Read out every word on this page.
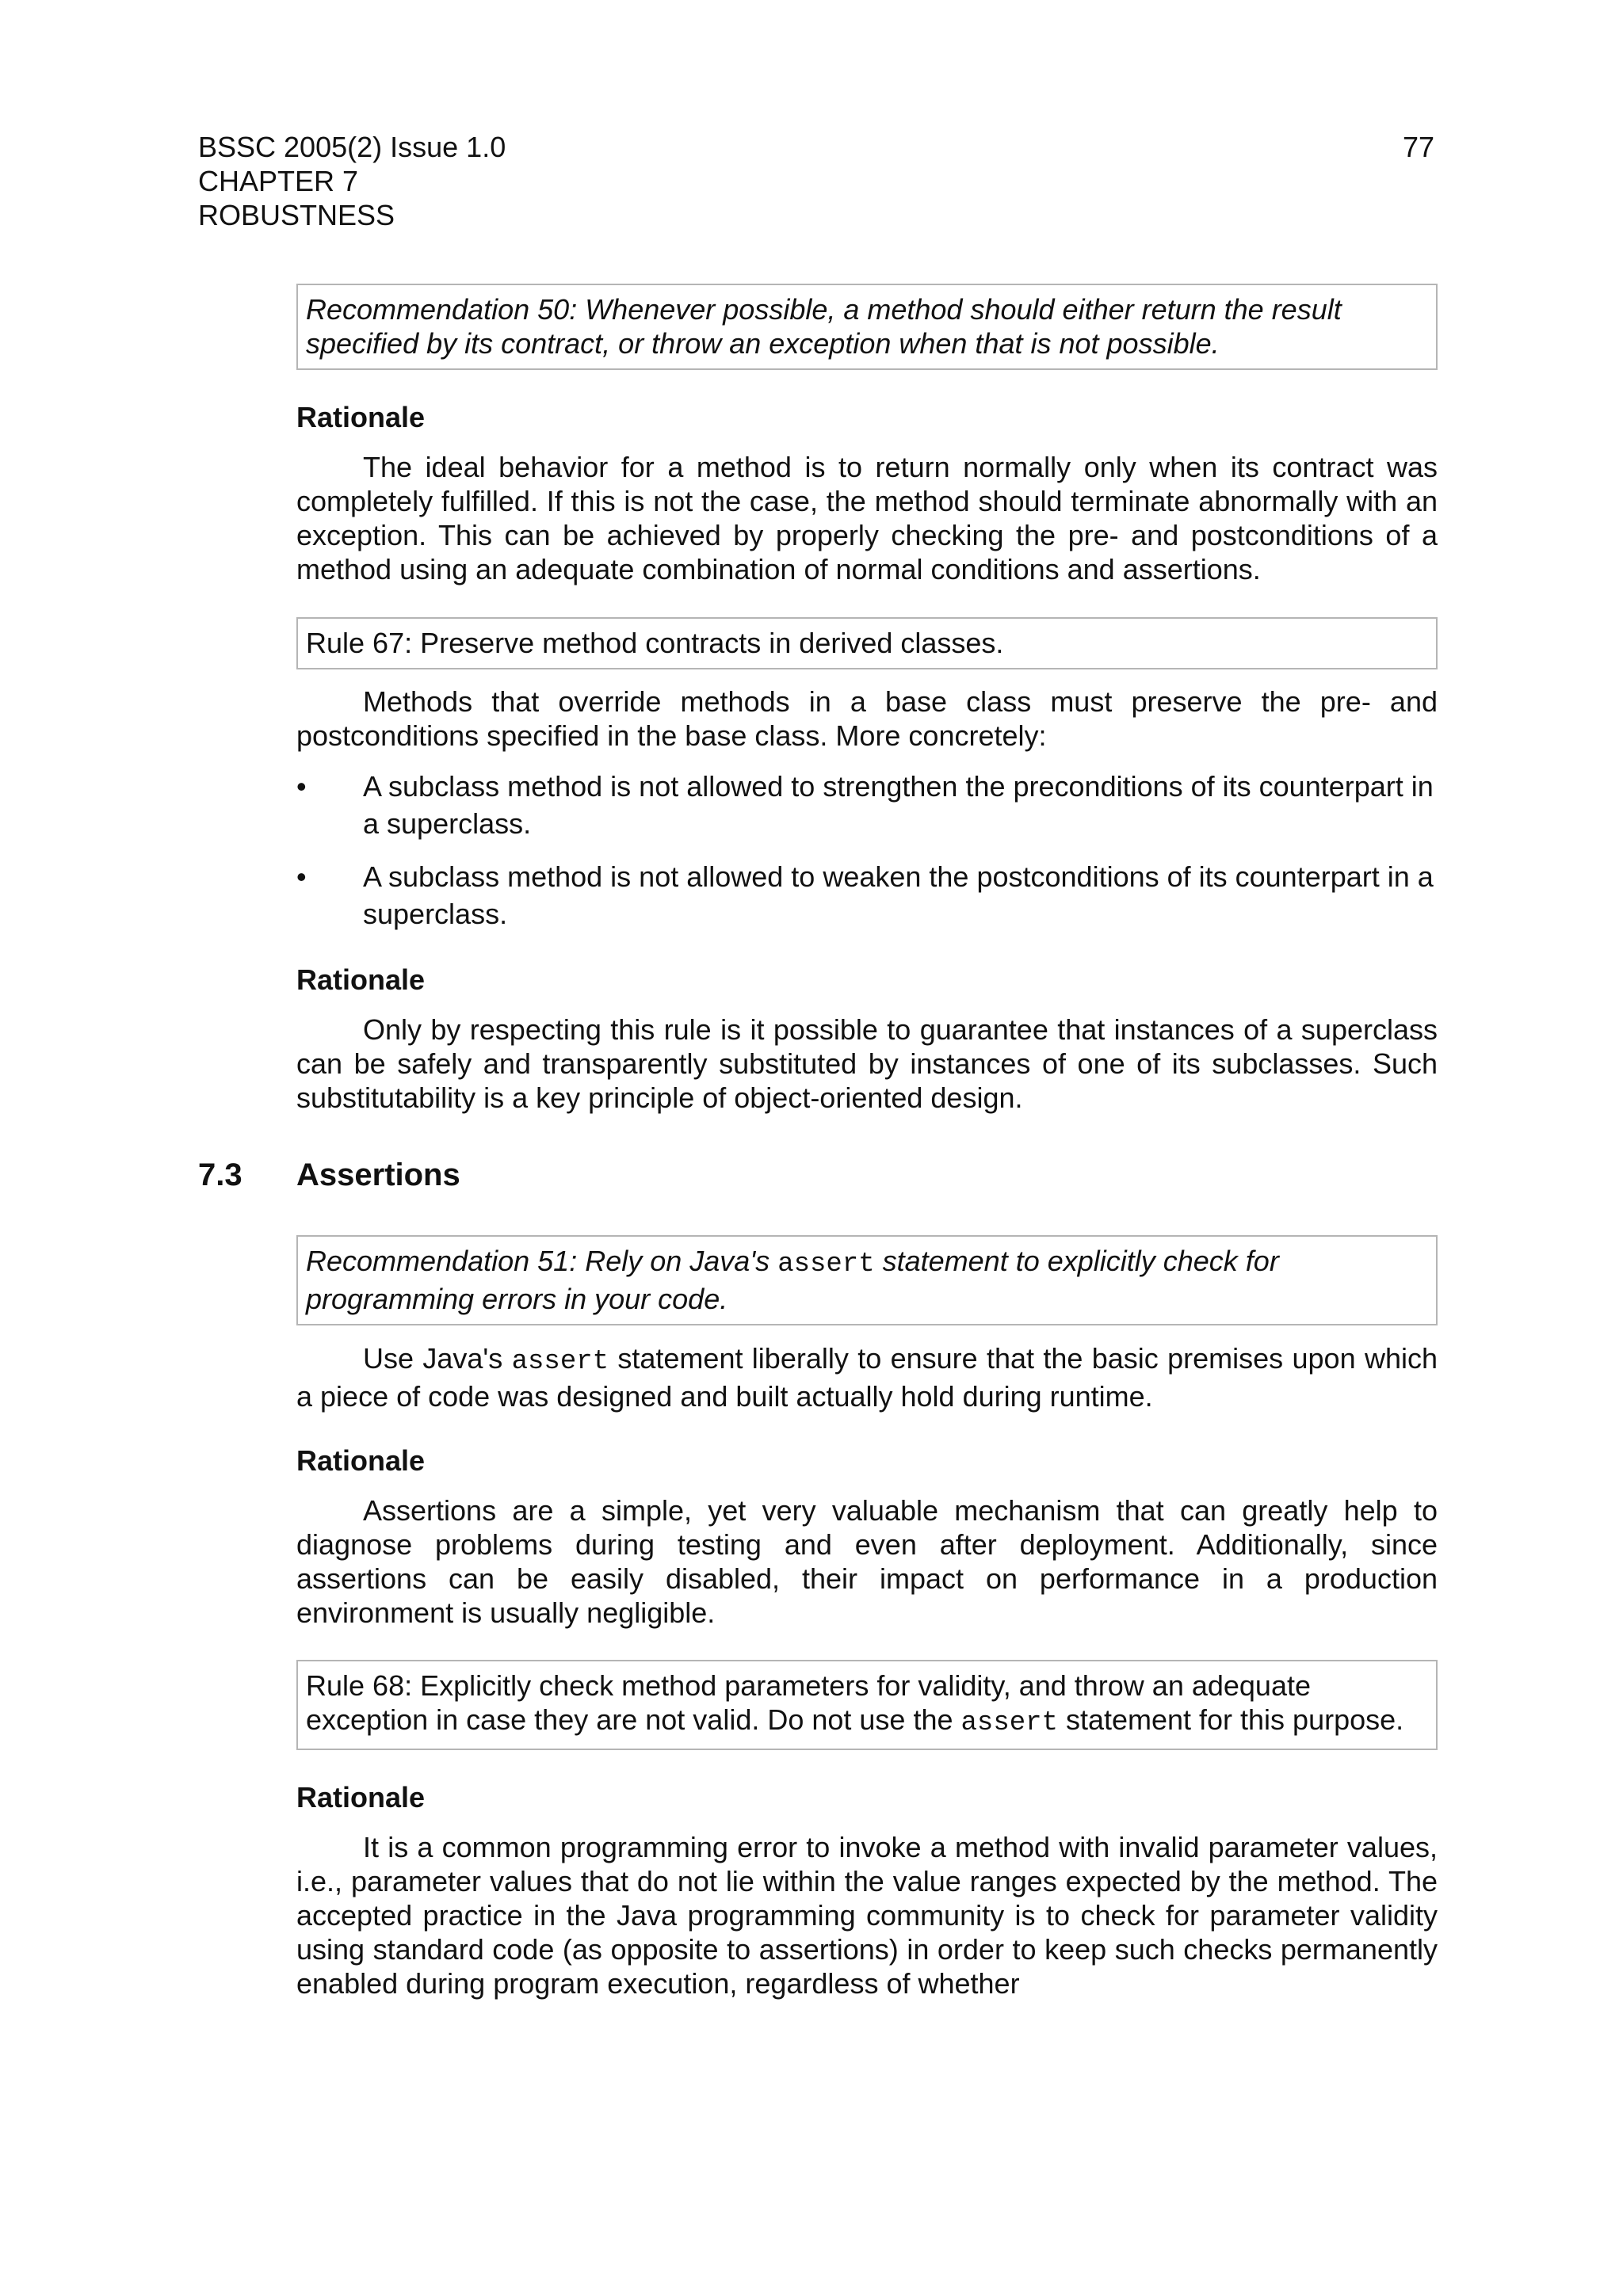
BSSC 2005(2) Issue 1.0
CHAPTER 7
ROBUSTNESS
77
Recommendation 50: Whenever possible, a method should either return the result specified by its contract, or throw an exception when that is not possible.

Rationale

The ideal behavior for a method is to return normally only when its contract was completely fulfilled. If this is not the case, the method should terminate abnormally with an exception. This can be achieved by properly checking the pre- and postconditions of a method using an adequate combination of normal conditions and assertions.

Rule 67: Preserve method contracts in derived classes.

Methods that override methods in a base class must preserve the pre- and postconditions specified in the base class. More concretely:

• A subclass method is not allowed to strengthen the preconditions of its counterpart in a superclass.
• A subclass method is not allowed to weaken the postconditions of its counterpart in a superclass.

Rationale

Only by respecting this rule is it possible to guarantee that instances of a superclass can be safely and transparently substituted by instances of one of its subclasses. Such substitutability is a key principle of object-oriented design.

7.3 Assertions
Recommendation 51: Rely on Java's assert statement to explicitly check for programming errors in your code.

Use Java's assert statement liberally to ensure that the basic premises upon which a piece of code was designed and built actually hold during runtime.

Rationale

Assertions are a simple, yet very valuable mechanism that can greatly help to diagnose problems during testing and even after deployment. Additionally, since assertions can be easily disabled, their impact on performance in a production environment is usually negligible.

Rule 68: Explicitly check method parameters for validity, and throw an adequate exception in case they are not valid. Do not use the assert statement for this purpose.

Rationale

It is a common programming error to invoke a method with invalid parameter values, i.e., parameter values that do not lie within the value ranges expected by the method. The accepted practice in the Java programming community is to check for parameter validity using standard code (as opposite to assertions) in order to keep such checks permanently enabled during program execution, regardless of whether
